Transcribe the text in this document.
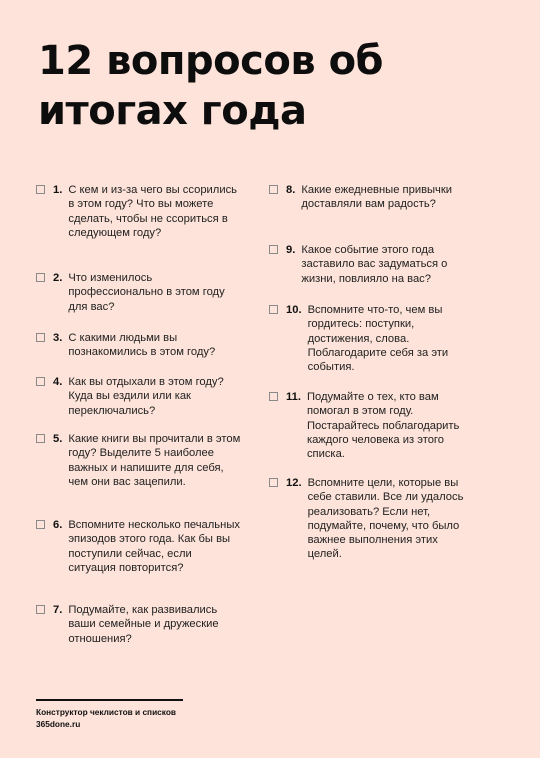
12 вопросов об
итогах года
1. С кем и из-за чего вы ссорились в этом году? Что вы можете сделать, чтобы не ссориться в следующем году?
2. Что изменилось профессионально в этом году для вас?
3. С какими людьми вы познакомились в этом году?
4. Как вы отдыхали в этом году? Куда вы ездили или как переключались?
5. Какие книги вы прочитали в этом году? Выделите 5 наиболее важных и напишите для себя, чем они вас зацепили.
6. Вспомните несколько печальных эпизодов этого года. Как бы вы поступили сейчас, если ситуация повторится?
7. Подумайте, как развивались ваши семейные и дружеские отношения?
8. Какие ежедневные привычки доставляли вам радость?
9. Какое событие этого года заставило вас задуматься о жизни, повлияло на вас?
10. Вспомните что-то, чем вы гордитесь: поступки, достижения, слова. Поблагодарите себя за эти события.
11. Подумайте о тех, кто вам помогал в этом году. Постарайтесь поблагодарить каждого человека из этого списка.
12. Вспомните цели, которые вы себе ставили. Все ли удалось реализовать? Если нет, подумайте, почему, что было важнее выполнения этих целей.
Конструктор чеклистов и списков
365done.ru
